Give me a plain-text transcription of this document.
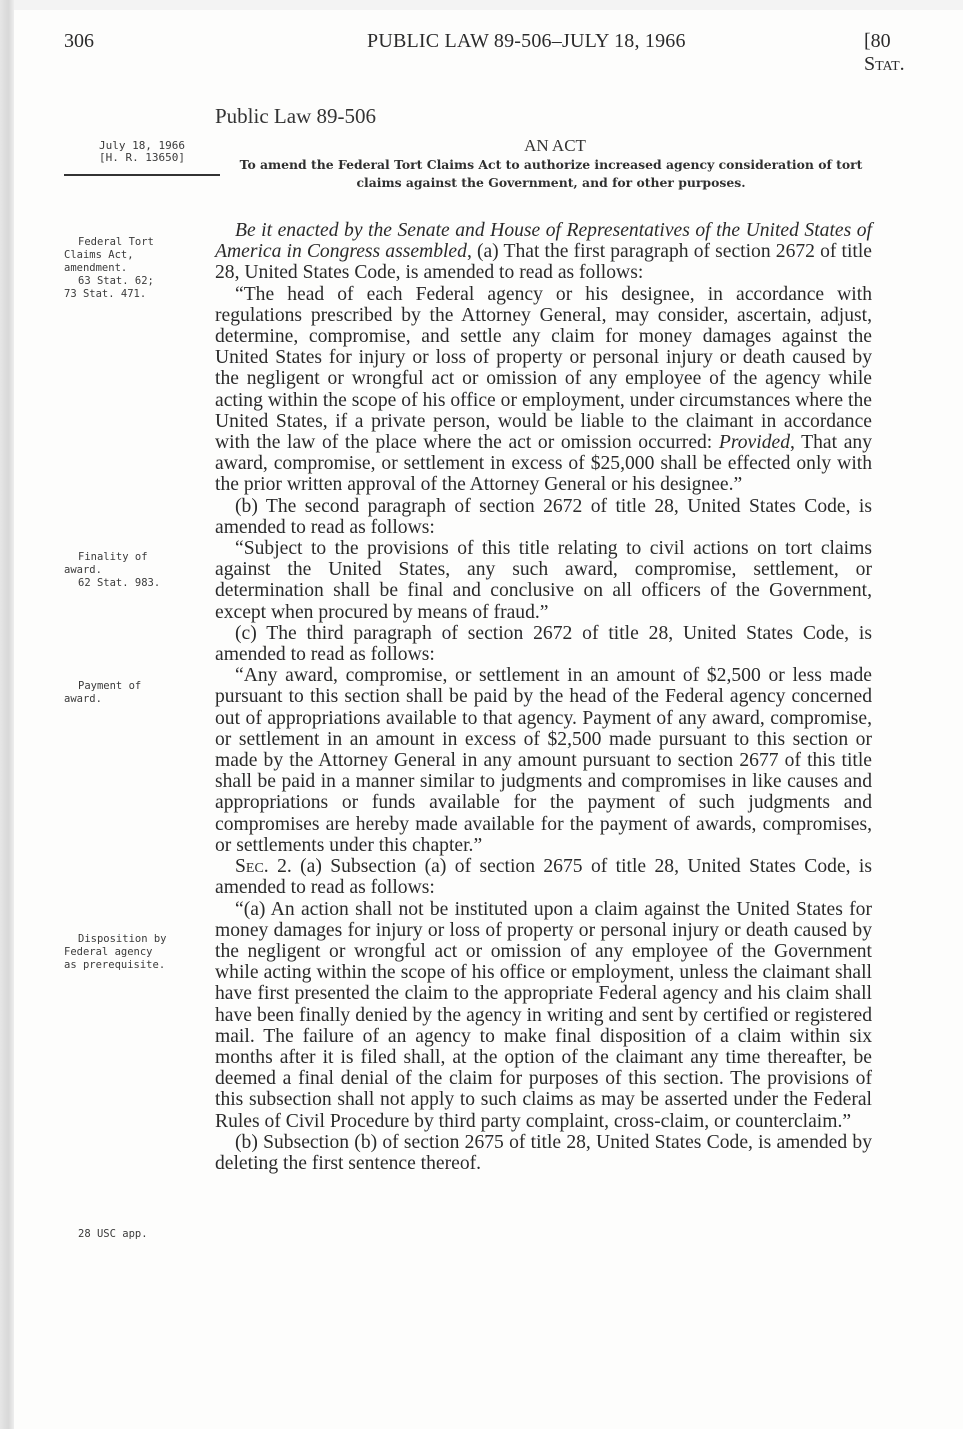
306	PUBLIC LAW 89-506–JULY 18, 1966	[80 Stat.
Public Law 89-506
July 18, 1966
[H. R. 13650]
AN ACT
To amend the Federal Tort Claims Act to authorize increased agency consideration of tort claims against the Government, and for other purposes.
Federal Tort
Claims Act,
amendment.
63 Stat. 62;
73 Stat. 471.
Finality of
award.
62 Stat. 983.
Payment of
award.
Disposition by
Federal agency
as prerequisite.
28 USC app.

Be it enacted by the Senate and House of Representatives of the United States of America in Congress assembled, (a) That the first paragraph of section 2672 of title 28, United States Code, is amended to read as follows:

“The head of each Federal agency or his designee, in accordance with regulations prescribed by the Attorney General, may consider, ascertain, adjust, determine, compromise, and settle any claim for money damages against the United States for injury or loss of property or personal injury or death caused by the negligent or wrongful act or omission of any employee of the agency while acting within the scope of his office or employment, under circumstances where the United States, if a private person, would be liable to the claimant in accordance with the law of the place where the act or omission occurred: Provided, That any award, compromise, or settlement in excess of $25,000 shall be effected only with the prior written approval of the Attorney General or his designee.”

(b) The second paragraph of section 2672 of title 28, United States Code, is amended to read as follows:

“Subject to the provisions of this title relating to civil actions on tort claims against the United States, any such award, compromise, settlement, or determination shall be final and conclusive on all officers of the Government, except when procured by means of fraud.”

(c) The third paragraph of section 2672 of title 28, United States Code, is amended to read as follows:

“Any award, compromise, or settlement in an amount of $2,500 or less made pursuant to this section shall be paid by the head of the Federal agency concerned out of appropriations available to that agency. Payment of any award, compromise, or settlement in an amount in excess of $2,500 made pursuant to this section or made by the Attorney General in any amount pursuant to section 2677 of this title shall be paid in a manner similar to judgments and compromises in like causes and appropriations or funds available for the payment of such judgments and compromises are hereby made available for the payment of awards, compromises, or settlements under this chapter.”

Sec. 2. (a) Subsection (a) of section 2675 of title 28, United States Code, is amended to read as follows:

“(a) An action shall not be instituted upon a claim against the United States for money damages for injury or loss of property or personal injury or death caused by the negligent or wrongful act or omission of any employee of the Government while acting within the scope of his office or employment, unless the claimant shall have first presented the claim to the appropriate Federal agency and his claim shall have been finally denied by the agency in writing and sent by certified or registered mail. The failure of an agency to make final disposition of a claim within six months after it is filed shall, at the option of the claimant any time thereafter, be deemed a final denial of the claim for purposes of this section. The provisions of this subsection shall not apply to such claims as may be asserted under the Federal Rules of Civil Procedure by third party complaint, cross-claim, or counterclaim.”

(b) Subsection (b) of section 2675 of title 28, United States Code, is amended by deleting the first sentence thereof.
